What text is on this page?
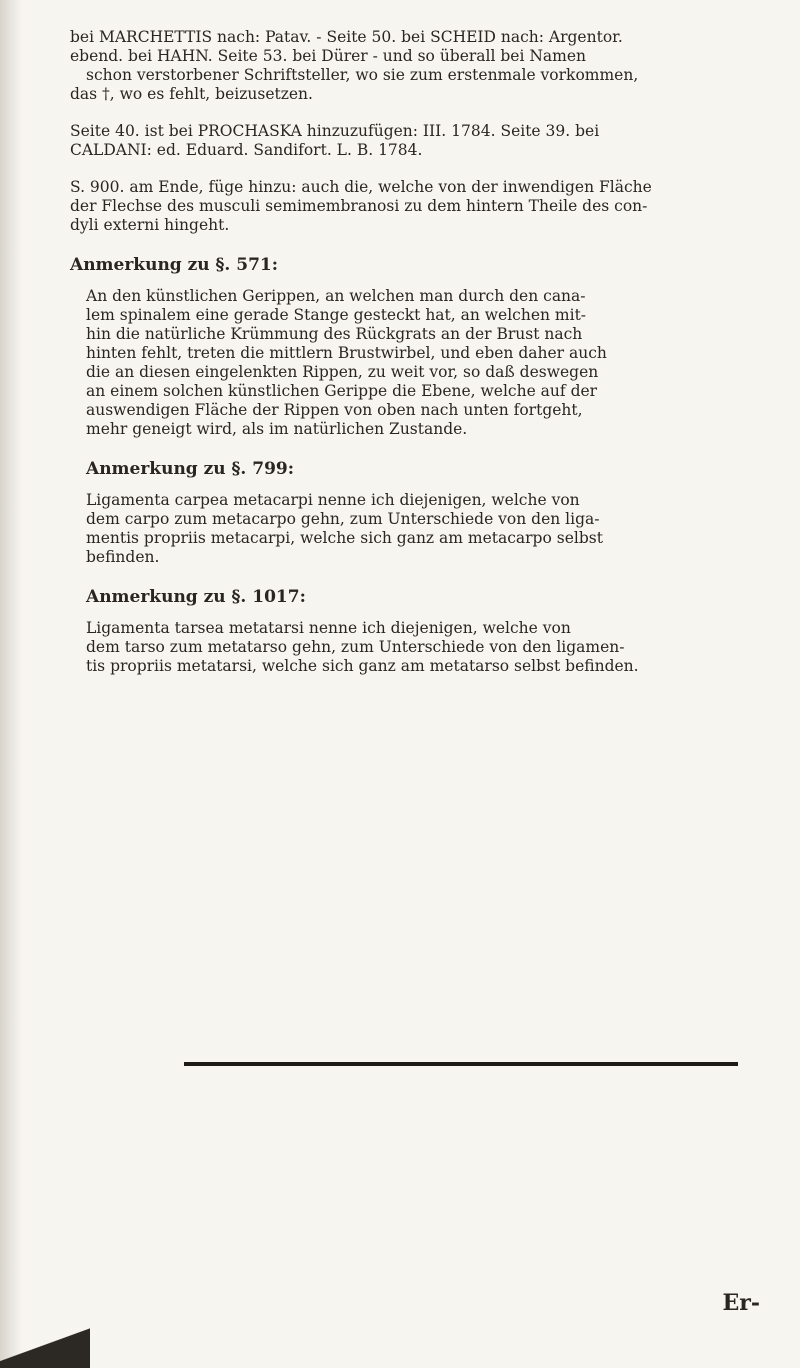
bei MARCHETTIS nach: Patav. - Seite 50. bei SCHEID nach: Argentor.

ebend. bei HAHN. Seite 53. bei Dürer - und so überall bei Namen

schon verstorbener Schriftsteller, wo sie zum erstenmale vorkommen,

das †, wo es fehlt, beizusetzen.

Seite 40. ist bei PROCHASKA hinzuzufügen: III. 1784. Seite 39. bei

CALDANI: ed. Eduard. Sandifort. L. B. 1784.

S. 900. am Ende, füge hinzu: auch die, welche von der inwendigen Fläche

der Flechse des musculi semimembranosi zu dem hintern Theile des con-

dyli externi hingeht.

Anmerkung zu §. 571:

An den künstlichen Gerippen, an welchen man durch den cana-

lem spinalem eine gerade Stange gesteckt hat, an welchen mit-

hin die natürliche Krümmung des Rückgrats an der Brust nach

hinten fehlt, treten die mittlern Brustwirbel, und eben daher auch

die an diesen eingelenkten Rippen, zu weit vor, so daß deswegen

an einem solchen künstlichen Gerippe die Ebene, welche auf der

auswendigen Fläche der Rippen von oben nach unten fortgeht,

mehr geneigt wird, als im natürlichen Zustande.

Anmerkung zu §. 799:

Ligamenta carpea metacarpi nenne ich diejenigen, welche von

dem carpo zum metacarpo gehn, zum Unterschiede von den liga-

mentis propriis metacarpi, welche sich ganz am metacarpo selbst

befinden.

Anmerkung zu §. 1017:

Ligamenta tarsea metatarsi nenne ich diejenigen, welche von

dem tarso zum metatarso gehn, zum Unterschiede von den ligamen-

tis propriis metatarsi, welche sich ganz am metatarso selbst befinden.

Er-
